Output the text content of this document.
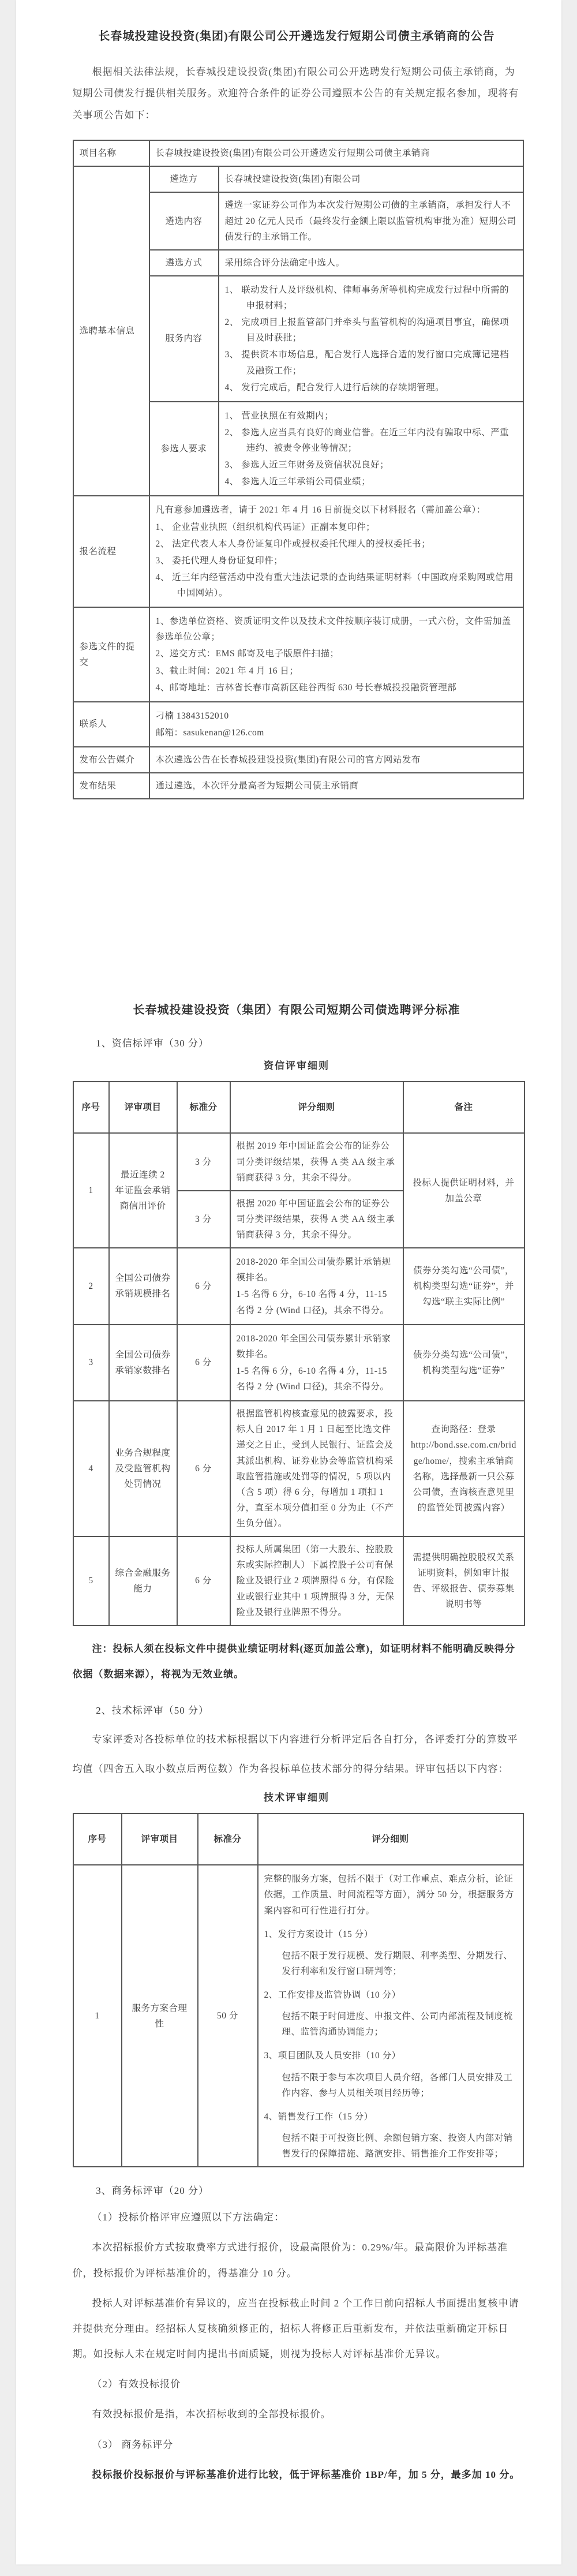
长春城投建设投资(集团)有限公司公开遴选发行短期公司债主承销商的公告

根据相关法律法规，长春城投建设投资(集团)有限公司公开选聘发行短期公司债主承销商，为短期公司债发行提供相关服务。欢迎符合条件的证券公司遵照本公告的有关规定报名参加，现将有关事项公告如下：

项目名称	长春城投建设投资(集团)有限公司公开遴选发行短期公司债主承销商	
选聘基本信息	遴选方	长春城投建设投资(集团)有限公司
	遴选内容	遴选一家证券公司作为本次发行短期公司债的主承销商，承担发行人不超过 20 亿元人民币（最终发行金额上限以监管机构审批为准）短期公司债发行的主承销工作。
	遴选方式	采用综合评分法确定中选人。
	服务内容	1、 联动发行人及评级机构、律师事务所等机构完成发行过程中所需的申报材料；
2、 完成项目上报监管部门并牵头与监管机构的沟通项目事宜，确保项目及时获批；
3、 提供资本市场信息，配合发行人选择合适的发行窗口完成簿记建档及融资工作；
4、 发行完成后，配合发行人进行后续的存续期管理。

	参选人要求	1、 营业执照在有效期内；
2、 参选人应当具有良好的商业信誉。在近三年内没有骗取中标、严重违约、被责令停业等情况；
3、 参选人近三年财务及资信状况良好；
4、 参选人近三年承销公司债业绩；

报名流程	凡有意参加遴选者，请于 2021 年 4 月 16 日前提交以下材料报名（需加盖公章）：
1、 企业营业执照（组织机构代码证）正副本复印件；
2、 法定代表人本人身份证复印件或授权委托代理人的授权委托书；
3、 委托代理人身份证复印件；
4、 近三年内经营活动中没有重大违法记录的查询结果证明材料（中国政府采购网或信用中国网站）。	

参选文件的提交	1、参选单位资格、资质证明文件以及技术文件按顺序装订成册，一式六份，文件需加盖参选单位公章；
2、递交方式：EMS 邮寄及电子版原件扫描；
3、截止时间：2021 年 4 月 16 日；
4、邮寄地址：吉林省长春市高新区硅谷西街 630 号长春城投投融资管理部	

联系人	刁楠 13843152010
邮箱：sasukenan@126.com	

发布公告媒介	本次遴选公告在长春城投建设投资(集团)有限公司的官方网站发布	
发布结果	通过遴选，本次评分最高者为短期公司债主承销商	
长春城投建设投资（集团）有限公司短期公司债选聘评分标准
1、资信标评审（30 分）
资信评审细则
序号	评审项目	标准分	评分细则	备注
1	最近连续 2 年证监会承销商信用评价	3 分	根据 2019 年中国证监会公布的证券公司分类评级结果，获得 A 类 AA 级主承销商获得 3 分，其余不得分。	投标人提供证明材料，并加盖公章
		3 分	根据 2020 年中国证监会公布的证券公司分类评级结果，获得 A 类 AA 级主承销商获得 3 分，其余不得分。	
2	全国公司债券承销规模排名	6 分	2018-2020 年全国公司债券累计承销规模排名。
1-5 名得 6 分，6-10 名得 4 分，11-15 名得 2 分 (Wind 口径)，其余不得分。	债券分类勾选“公司债”，机构类型勾选“证券”，并勾选“联主实际比例”
3	全国公司债券承销家数排名	6 分	2018-2020 年全国公司债券累计承销家数排名。
1-5 名得 6 分，6-10 名得 4 分，11-15 名得 2 分 (Wind 口径)，其余不得分。	债券分类勾选“公司债”，机构类型勾选“证券”
4	业务合规程度及受监管机构处罚情况	6 分	根据监管机构核查意见的披露要求，投标人自 2017 年 1 月 1 日起至比选文件递交之日止，受到人民银行、证监会及其派出机构、证券业协会等监管机构采取监管措施或处罚等的情况，5 项以内（含 5 项）得 6 分，每增加 1 项扣 1 分，直至本项分值扣至 0 分为止（不产生负分值）。	查询路径：登录 http://bond.sse.com.cn/bridge/home/，搜索主承销商名称，选择最新一只公募公司债，查询核查意见里的监管处罚披露内容）
5	综合金融服务能力	6 分	投标人所属集团（第一大股东、控股股东或实际控制人）下属控股子公司有保险业及银行业 2 项牌照得 6 分，有保险业或银行业其中 1 项牌照得 3 分，无保险业及银行业牌照不得分。	需提供明确控股股权关系证明资料，例如审计报告、评级报告、债券募集说明书等

注：投标人须在投标文件中提供业绩证明材料(逐页加盖公章)，如证明材料不能明确反映得分依据（数据来源），将视为无效业绩。

2、技术标评审（50 分）

专家评委对各投标单位的技术标根据以下内容进行分析评定后各自打分，各评委打分的算数平均值（四舍五入取小数点后两位数）作为各投标单位技术部分的得分结果。评审包括以下内容：

技术评审细则
序号	评审项目	标准分	评分细则
1	服务方案合理性	50 分	
完整的服务方案，包括不限于（对工作重点、难点分析，论证依据，工作质量、时间流程等方面），满分 50 分，根据服务方案内容和可行性进行打分。
1、发行方案设计（15 分）
包括不限于发行规模、发行期限、利率类型、分期发行、发行利率和发行窗口研判等；
2、工作安排及监管协调（10 分）
包括不限于时间进度、申报文件、公司内部流程及制度梳理、监管沟通协调能力；
3、项目团队及人员安排（10 分）
包括不限于参与本次项目人员介绍，各部门人员安排及工作内容、参与人员相关项目经历等；
4、销售发行工作（15 分）
包括不限于可投资比例、余额包销方案、投资人内部对销售发行的保障措施、路演安排、销售推介工作安排等；
3、商务标评审（20 分）

（1）投标价格评审应遵照以下方法确定：

本次招标报价方式按取费率方式进行报价，设最高限价为：0.29%/年。最高限价为评标基准价，投标报价为评标基准价的，得基准分 10 分。

投标人对评标基准价有异议的，应当在投标截止时间 2 个工作日前向招标人书面提出复核申请并提供充分理由。经招标人复核确须修正的，招标人将修正后重新发布，并依法重新确定开标日期。如投标人未在规定时间内提出书面质疑，则视为投标人对评标基准价无异议。

（2）有效投标报价

有效投标报价是指，本次招标收到的全部投标报价。

（3） 商务标评分

投标报价投标报价与评标基准价进行比较，低于评标基准价 1BP/年，加 5 分，最多加 10 分。
